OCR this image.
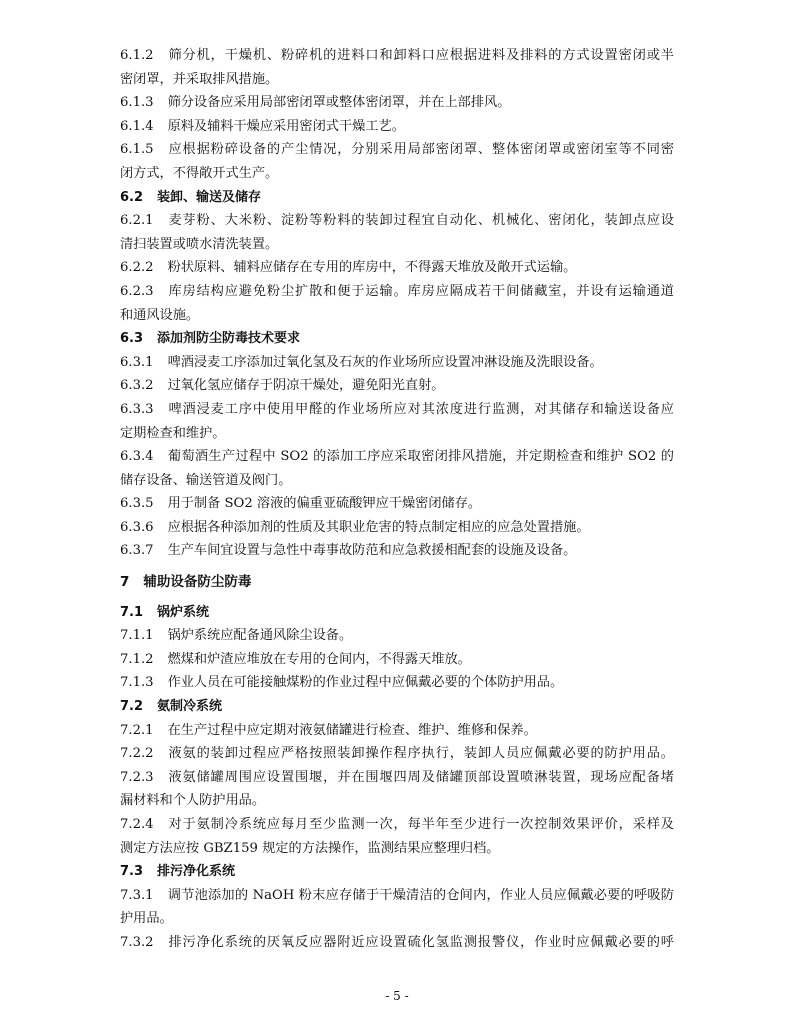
6.1.2 筛分机，干燥机、粉碎机的进料口和卸料口应根据进料及排料的方式设置密闭或半
密闭罩，并采取排风措施。
6.1.3 筛分设备应采用局部密闭罩或整体密闭罩，并在上部排风。
6.1.4 原料及辅料干燥应采用密闭式干燥工艺。
6.1.5 应根据粉碎设备的产尘情况，分别采用局部密闭罩、整体密闭罩或密闭室等不同密
闭方式，不得敞开式生产。
6.2 装卸、输送及储存
6.2.1 麦芽粉、大米粉、淀粉等粉料的装卸过程宜自动化、机械化、密闭化，装卸点应设
清扫装置或喷水清洗装置。
6.2.2 粉状原料、辅料应储存在专用的库房中，不得露天堆放及敞开式运输。
6.2.3 库房结构应避免粉尘扩散和便于运输。库房应隔成若干间储藏室，并设有运输通道
和通风设施。
6.3 添加剂防尘防毒技术要求
6.3.1 啤酒浸麦工序添加过氧化氢及石灰的作业场所应设置冲淋设施及洗眼设备。
6.3.2 过氧化氢应储存于阴凉干燥处，避免阳光直射。
6.3.3 啤酒浸麦工序中使用甲醛的作业场所应对其浓度进行监测，对其储存和输送设备应
定期检查和维护。
6.3.4 葡萄酒生产过程中 SO2 的添加工序应采取密闭排风措施，并定期检查和维护 SO2 的
储存设备、输送管道及阀门。
6.3.5 用于制备 SO2 溶液的偏重亚硫酸钾应干燥密闭储存。
6.3.6 应根据各种添加剂的性质及其职业危害的特点制定相应的应急处置措施。
6.3.7 生产车间宜设置与急性中毒事故防范和应急救援相配套的设施及设备。
7 辅助设备防尘防毒
7.1 锅炉系统
7.1.1 锅炉系统应配备通风除尘设备。
7.1.2 燃煤和炉渣应堆放在专用的仓间内，不得露天堆放。
7.1.3 作业人员在可能接触煤粉的作业过程中应佩戴必要的个体防护用品。
7.2 氨制冷系统
7.2.1 在生产过程中应定期对液氨储罐进行检查、维护、维修和保养。
7.2.2 液氨的装卸过程应严格按照装卸操作程序执行，装卸人员应佩戴必要的防护用品。
7.2.3 液氨储罐周围应设置围堰，并在围堰四周及储罐顶部设置喷淋装置，现场应配备堵
漏材料和个人防护用品。
7.2.4 对于氨制冷系统应每月至少监测一次，每半年至少进行一次控制效果评价，采样及
测定方法应按 GBZ159 规定的方法操作，监测结果应整理归档。
7.3 排污净化系统
7.3.1 调节池添加的 NaOH 粉末应存储于干燥清洁的仓间内，作业人员应佩戴必要的呼吸防
护用品。
7.3.2 排污净化系统的厌氧反应器附近应设置硫化氢监测报警仪，作业时应佩戴必要的呼
- 5 -
